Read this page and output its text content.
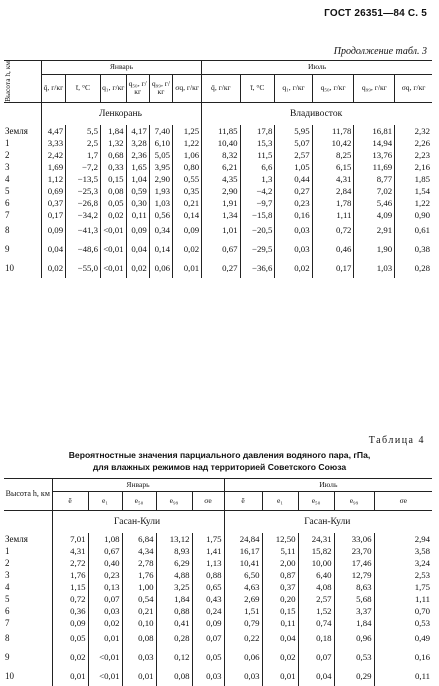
ГОСТ 26351—84 С. 5
Продолжение табл. 3
Высота h, км	Январь						Июль					
	q̄, г/кг	t̄, °С	q₁, г/кг	q₅₀, г/кг	q₉₉, г/кг	σq, г/кг	q̄, г/кг	t̄, °С	q₁, г/кг	q₅₀, г/кг	q₉₉, г/кг	σq, г/кг
	Ленкорань						Владивосток					
Земля	4,47	5,5	1,84	4,17	7,40	1,25	11,85	17,8	5,95	11,78	16,81	2,32
1	3,33	2,5	1,32	3,28	6,10	1,22	10,40	15,3	5,07	10,42	14,94	2,26
2	2,42	1,7	0,68	2,36	5,05	1,06	8,32	11,5	2,57	8,25	13,76	2,23
3	1,69	−7,2	0,33	1,65	3,95	0,80	6,21	6,6	1,05	6,15	11,69	2,16
4	1,12	−13,5	0,15	1,04	2,90	0,55	4,35	1,3	0,44	4,31	8,77	1,85
5	0,69	−25,3	0,08	0,59	1,93	0,35	2,90	−4,2	0,27	2,84	7,02	1,54
6	0,37	−26,8	0,05	0,30	1,03	0,21	1,91	−9,7	0,23	1,78	5,46	1,22
7	0,17	−34,2	0,02	0,11	0,56	0,14	1,34	−15,8	0,16	1,11	4,09	0,90
8	0,09	−41,3	<0,01	0,09	0,34	0,09	1,01	−20,5	0,03	0,72	2,91	0,61
9	0,04	−48,6	<0,01	0,04	0,14	0,02	0,67	−29,5	0,03	0,46	1,90	0,38
10	0,02	−55,0	<0,01	0,02	0,06	0,01	0,27	−36,6	0,02	0,17	1,03	0,28
Таблица 4
Вероятностные значения парциального давления водяного пара, гПа,
для влажных режимов над территорией Советского Союза
Высота h, км	Январь					Июль				
	ē	e₁	e₅₀	e₉₉	σe	ē	e₁	e₅₀	e₉₉	σe
	Гасан-Кули					Гасан-Кули				
Земля	7,01	1,08	6,84	13,12	1,75	24,84	12,50	24,31	33,06	2,94
1	4,31	0,67	4,34	8,93	1,41	16,17	5,11	15,82	23,70	3,58
2	2,72	0,40	2,78	6,29	1,13	10,41	2,00	10,00	17,46	3,24
3	1,76	0,23	1,76	4,88	0,88	6,50	0,87	6,40	12,79	2,53
4	1,15	0,13	1,00	3,25	0,65	4,63	0,37	4,08	8,63	1,75
5	0,72	0,07	0,54	1,84	0,43	2,69	0,20	2,57	5,68	1,11
6	0,36	0,03	0,21	0,88	0,24	1,51	0,15	1,52	3,37	0,70
7	0,09	0,02	0,10	0,41	0,09	0,79	0,11	0,74	1,84	0,53
8	0,05	0,01	0,08	0,28	0,07	0,22	0,04	0,18	0,96	0,49
9	0,02	<0,01	0,03	0,12	0,05	0,06	0,02	0,07	0,53	0,16
10	0,01	<0,01	0,01	0,08	0,03	0,03	0,01	0,04	0,29	0,11
